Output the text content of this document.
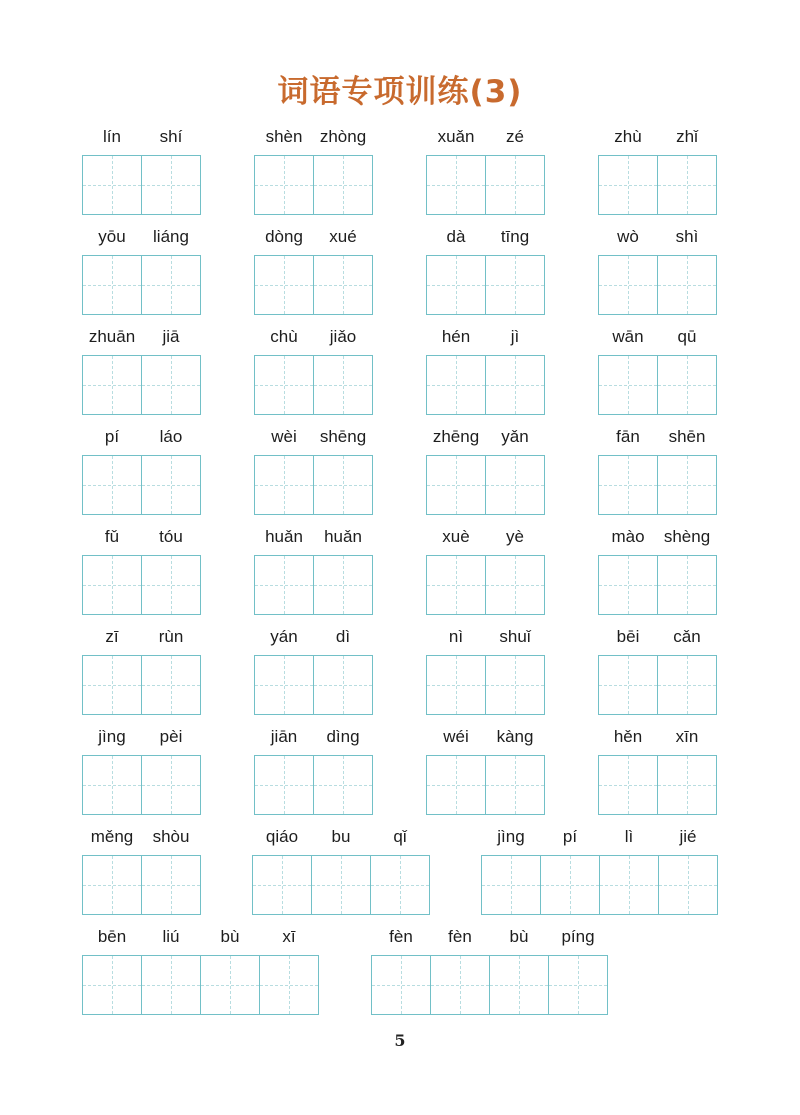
词语专项训练(3)
lín	shí	shèn	zhòng	xuǎn	zé	zhù	zhǐ
yōu	liáng	dòng	xué	dà	tīng	wò	shì
zhuān	jiā	chù	jiǎo	hén	jì	wān	qū
pí	láo	wèi	shēng	zhēng	yǎn	fān	shēn
fǔ	tóu	huǎn	huǎn	xuè	yè	mào	shèng
zī	rùn	yán	dì	nì	shuǐ	bēi	cǎn
jìng	pèi	jiān	dìng	wéi	kàng	hěn	xīn
měng	shòu	qiáo	bu	qǐ	jìng	pí	lì	jié
bēn	liú	bù	xī	fèn	fèn	bù	píng
5
